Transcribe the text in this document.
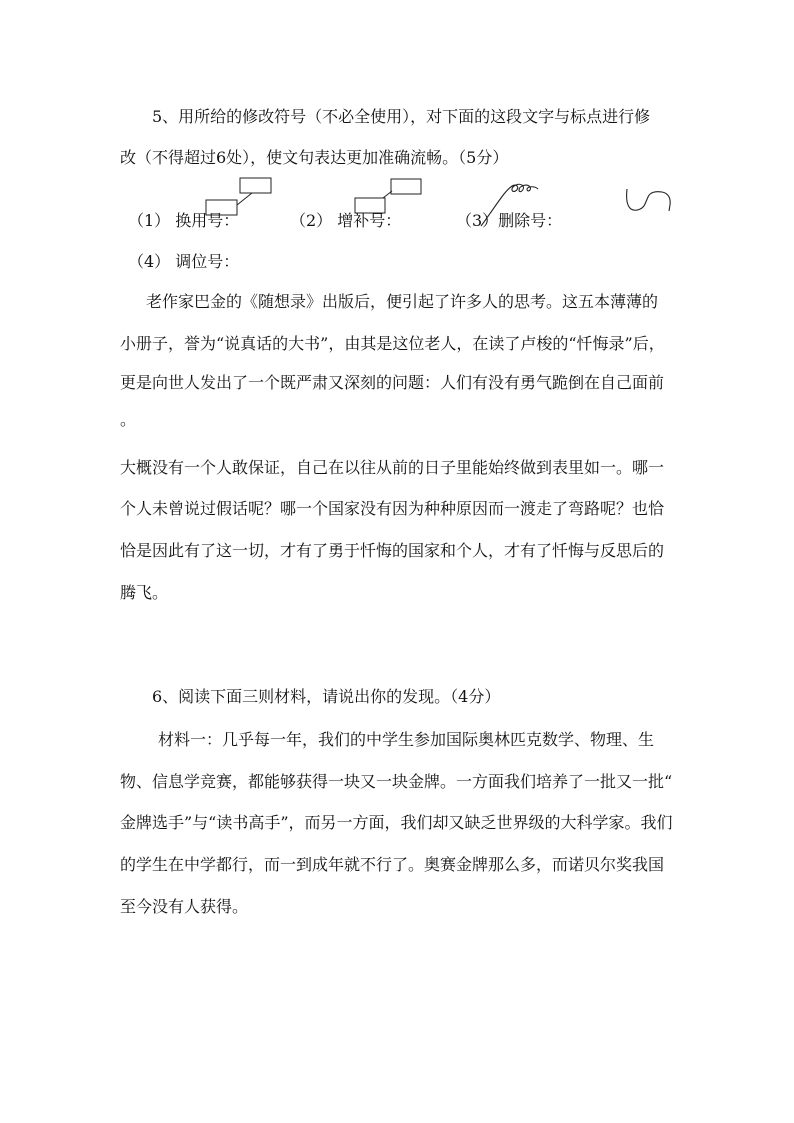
5、用所给的修改符号（不必全使用），对下面的这段文字与标点进行修
改（不得超过6处），使文句表达更加准确流畅。（5分）
（1） 换用号：	（2） 增补号：	（3）删除号：
（4） 调位号：
老作家巴金的《随想录》出版后，便引起了许多人的思考。这五本薄薄的
小册子，誉为“说真话的大书”，由其是这位老人，在读了卢梭的“忏悔录”后，
更是向世人发出了一个既严肃又深刻的问题：人们有没有勇气跪倒在自己面前
。
大概没有一个人敢保证，自己在以往从前的日子里能始终做到表里如一。哪一
个人未曾说过假话呢？哪一个国家没有因为种种原因而一渡走了弯路呢？也恰
恰是因此有了这一切，才有了勇于忏悔的国家和个人，才有了忏悔与反思后的
腾飞。
6、阅读下面三则材料，请说出你的发现。（4分）
材料一：几乎每一年，我们的中学生参加国际奥林匹克数学、物理、生
物、信息学竞赛，都能够获得一块又一块金牌。一方面我们培养了一批又一批“
金牌选手”与“读书高手”，而另一方面，我们却又缺乏世界级的大科学家。我们
的学生在中学都行，而一到成年就不行了。奥赛金牌那么多，而诺贝尔奖我国
至今没有人获得。
